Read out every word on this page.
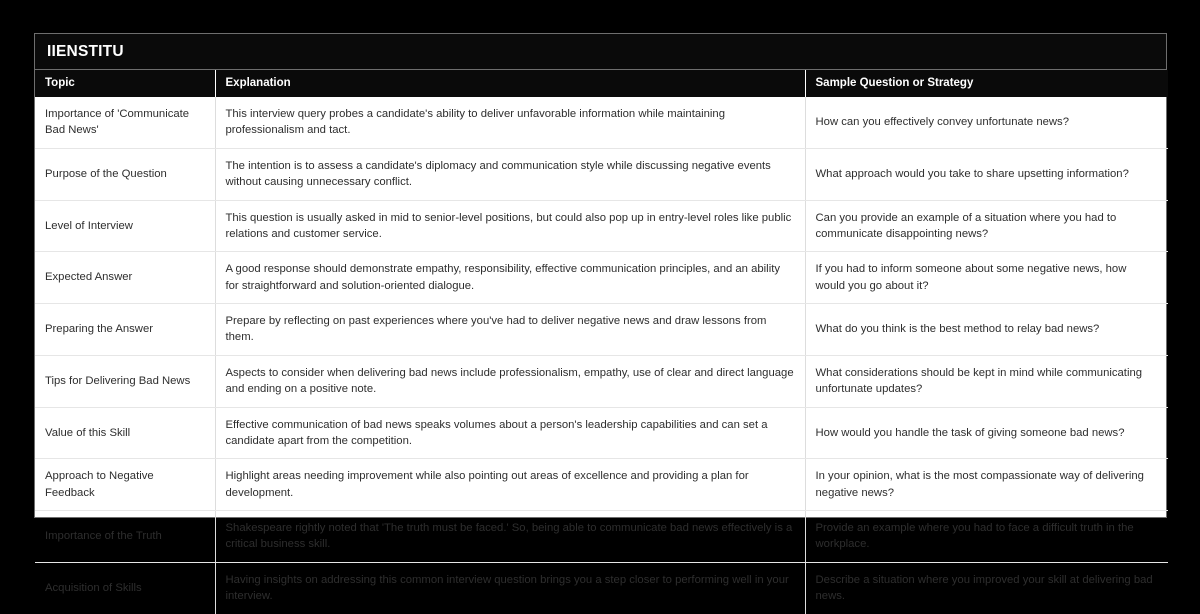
IIENSTITU
Topic	Explanation	Sample Question or Strategy
Importance of 'Communicate Bad News'	This interview query probes a candidate's ability to deliver unfavorable information while maintaining professionalism and tact.	How can you effectively convey unfortunate news?
Purpose of the Question	The intention is to assess a candidate's diplomacy and communication style while discussing negative events without causing unnecessary conflict.	What approach would you take to share upsetting information?
Level of Interview	This question is usually asked in mid to senior-level positions, but could also pop up in entry-level roles like public relations and customer service.	Can you provide an example of a situation where you had to communicate disappointing news?
Expected Answer	A good response should demonstrate empathy, responsibility, effective communication principles, and an ability for straightforward and solution-oriented dialogue.	If you had to inform someone about some negative news, how would you go about it?
Preparing the Answer	Prepare by reflecting on past experiences where you've had to deliver negative news and draw lessons from them.	What do you think is the best method to relay bad news?
Tips for Delivering Bad News	Aspects to consider when delivering bad news include professionalism, empathy, use of clear and direct language and ending on a positive note.	What considerations should be kept in mind while communicating unfortunate updates?
Value of this Skill	Effective communication of bad news speaks volumes about a person's leadership capabilities and can set a candidate apart from the competition.	How would you handle the task of giving someone bad news?
Approach to Negative Feedback	Highlight areas needing improvement while also pointing out areas of excellence and providing a plan for development.	In your opinion, what is the most compassionate way of delivering negative news?
Importance of the Truth	Shakespeare rightly noted that 'The truth must be faced.' So, being able to communicate bad news effectively is a critical business skill.	Provide an example where you had to face a difficult truth in the workplace.
Acquisition of Skills	Having insights on addressing this common interview question brings you a step closer to performing well in your interview.	Describe a situation where you improved your skill at delivering bad news.
